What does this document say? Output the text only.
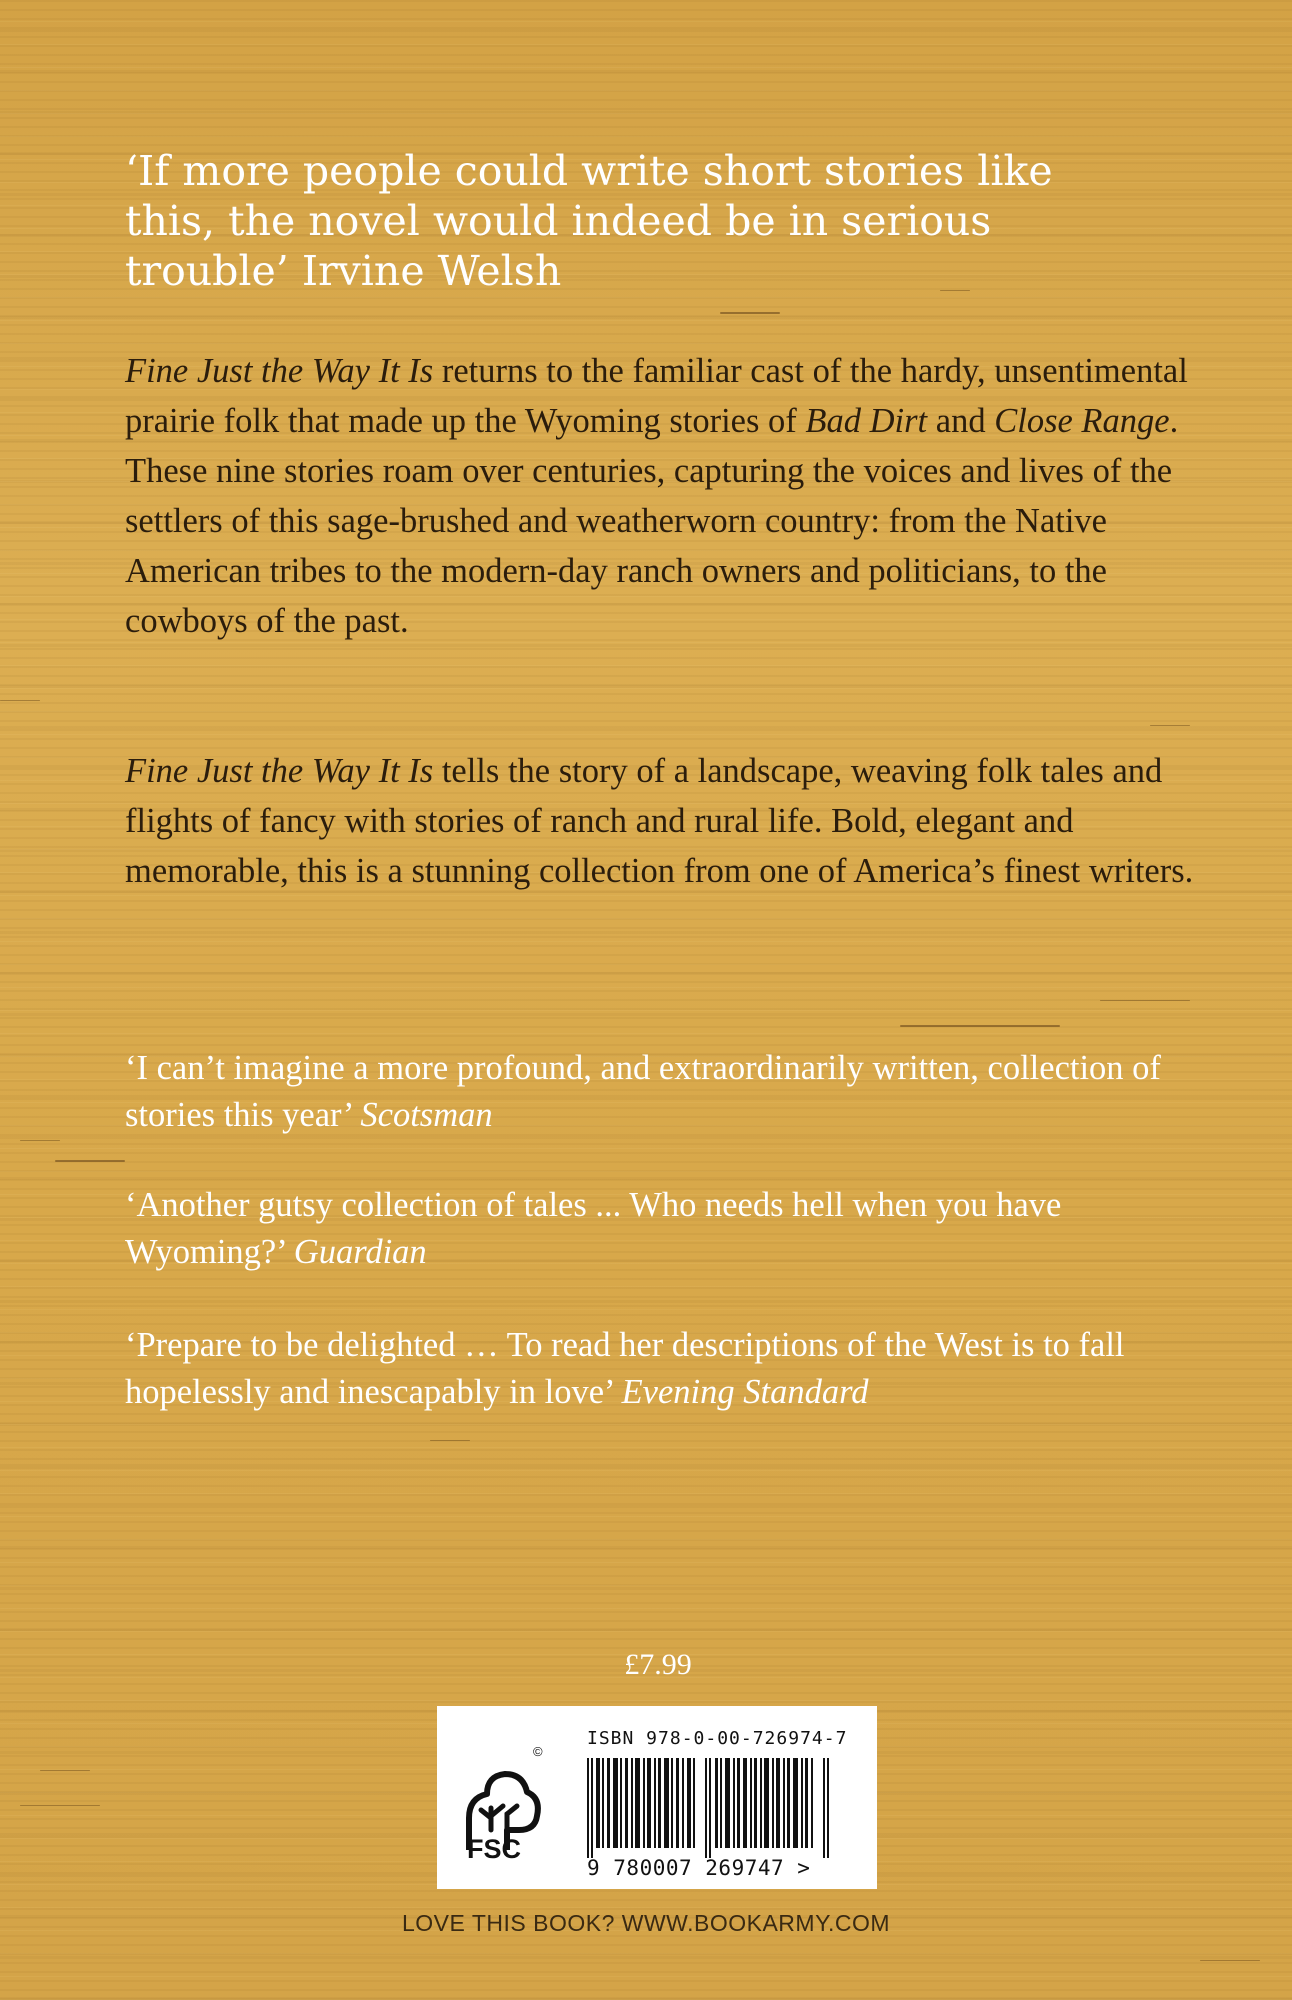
‘If more people could write short stories like this, the novel would indeed be in serious trouble’ Irvine Welsh

Fine Just the Way It Is returns to the familiar cast of the hardy, unsentimental prairie folk that made up the Wyoming stories of Bad Dirt and Close Range. These nine stories roam over centuries, capturing the voices and lives of the settlers of this sage-brushed and weatherworn country: from the Native American tribes to the modern-day ranch owners and politicians, to the cowboys of the past.

Fine Just the Way It Is tells the story of a landscape, weaving folk tales and flights of fancy with stories of ranch and rural life. Bold, elegant and memorable, this is a stunning collection from one of America’s finest writers.

‘I can’t imagine a more profound, and extraordinarily written, collection of stories this year’ Scotsman

‘Another gutsy collection of tales ... Who needs hell when you have Wyoming?’ Guardian

‘Prepare to be delighted … To read her descriptions of the West is to fall hopelessly and inescapably in love’ Evening Standard

£7.99
©
FSC
ISBN 978-0-00-726974-7
9 780007 269747 >
LOVE THIS BOOK? WWW.BOOKARMY.COM
